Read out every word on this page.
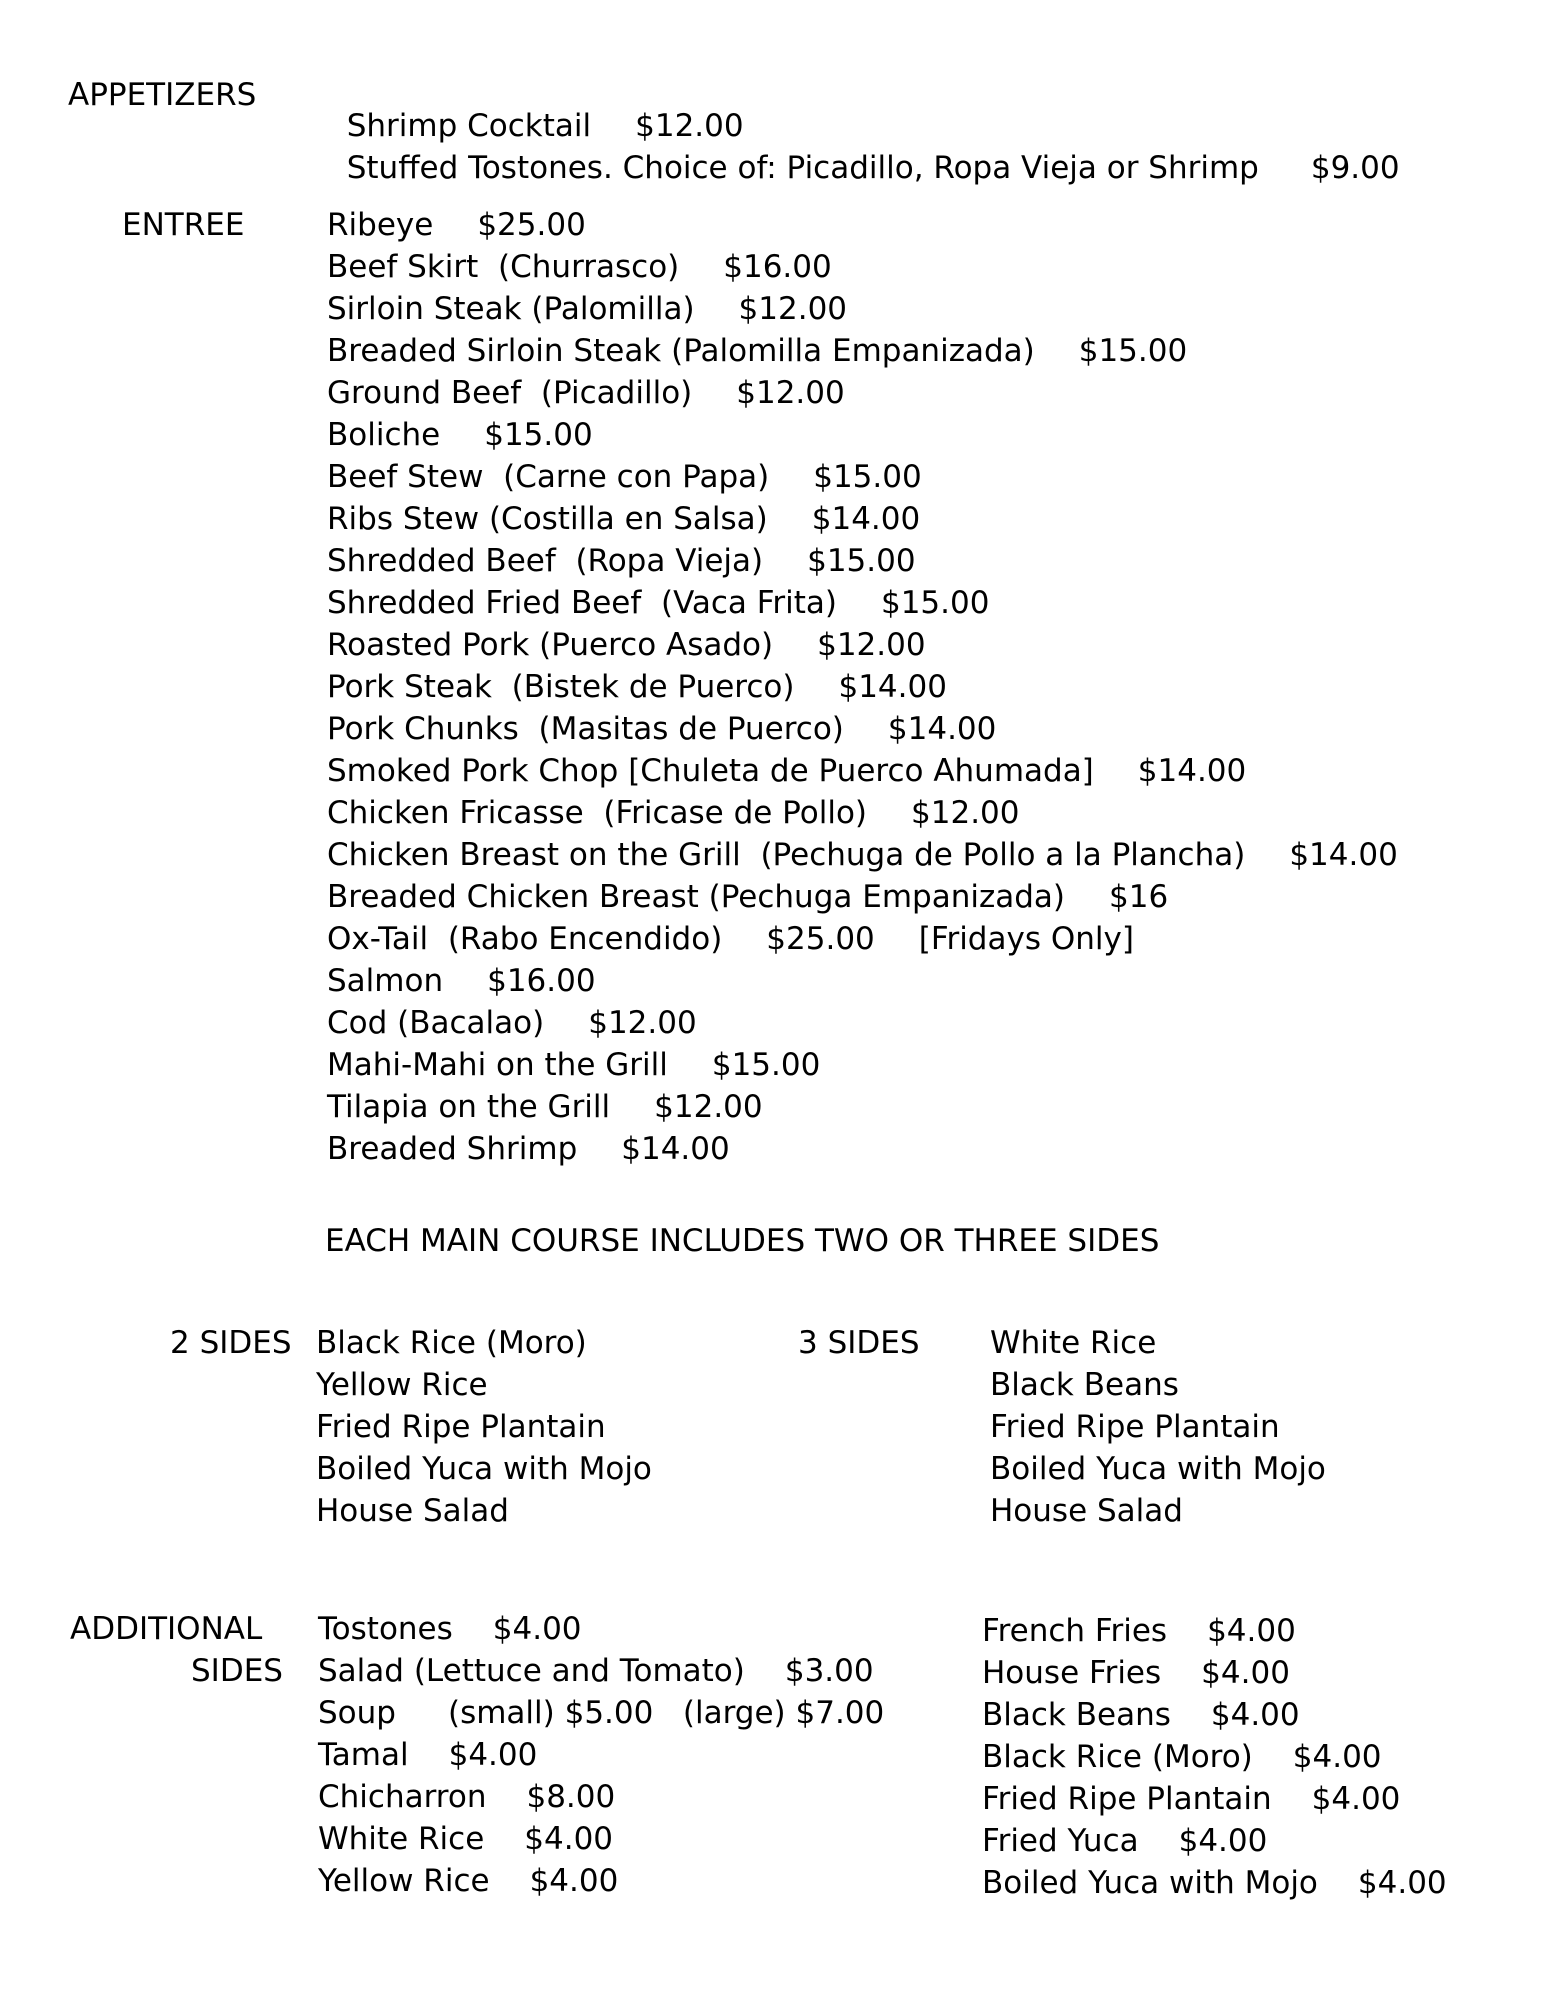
APPETIZERS
ENTREE

Shrimp Cocktail $12.00

Stuffed Tostones. Choice of: Picadillo, Ropa Vieja or Shrimp $9.00

Ribeye $25.00
Beef Skirt  (Churrasco) $16.00
Sirloin Steak (Palomilla) $12.00
Breaded Sirloin Steak (Palomilla Empanizada) $15.00
Ground Beef  (Picadillo) $12.00
Boliche $15.00
Beef Stew  (Carne con Papa) $15.00
Ribs Stew (Costilla en Salsa) $14.00
Shredded Beef  (Ropa Vieja) $15.00
Shredded Fried Beef  (Vaca Frita) $15.00
Roasted Pork (Puerco Asado) $12.00
Pork Steak  (Bistek de Puerco) $14.00
Pork Chunks  (Masitas de Puerco) $14.00
Smoked Pork Chop [Chuleta de Puerco Ahumada] $14.00
Chicken Fricasse  (Fricase de Pollo) $12.00
Chicken Breast on the Grill  (Pechuga de Pollo a la Plancha) $14.00
Breaded Chicken Breast (Pechuga Empanizada) $16
Ox-Tail  (Rabo Encendido) $25.00 [Fridays Only]
Salmon $16.00
Cod (Bacalao) $12.00
Mahi-Mahi on the Grill $15.00
Tilapia on the Grill $12.00
Breaded Shrimp $14.00
EACH MAIN COURSE INCLUDES TWO OR THREE SIDES
2 SIDES	3 SIDES
Black Rice (Moro)
Yellow Rice
Fried Ripe Plantain
Boiled Yuca with Mojo
House Salad
White Rice
Black Beans
Fried Ripe Plantain
Boiled Yuca with Mojo
House Salad
ADDITIONAL
SIDES
Tostones $4.00
Salad (Lettuce and Tomato) $3.00
Soup (small) $5.00   (large) $7.00
Tamal $4.00
Chicharron $8.00
White Rice $4.00
Yellow Rice $4.00
French Fries $4.00
House Fries $4.00
Black Beans $4.00
Black Rice (Moro) $4.00
Fried Ripe Plantain $4.00
Fried Yuca $4.00
Boiled Yuca with Mojo $4.00
